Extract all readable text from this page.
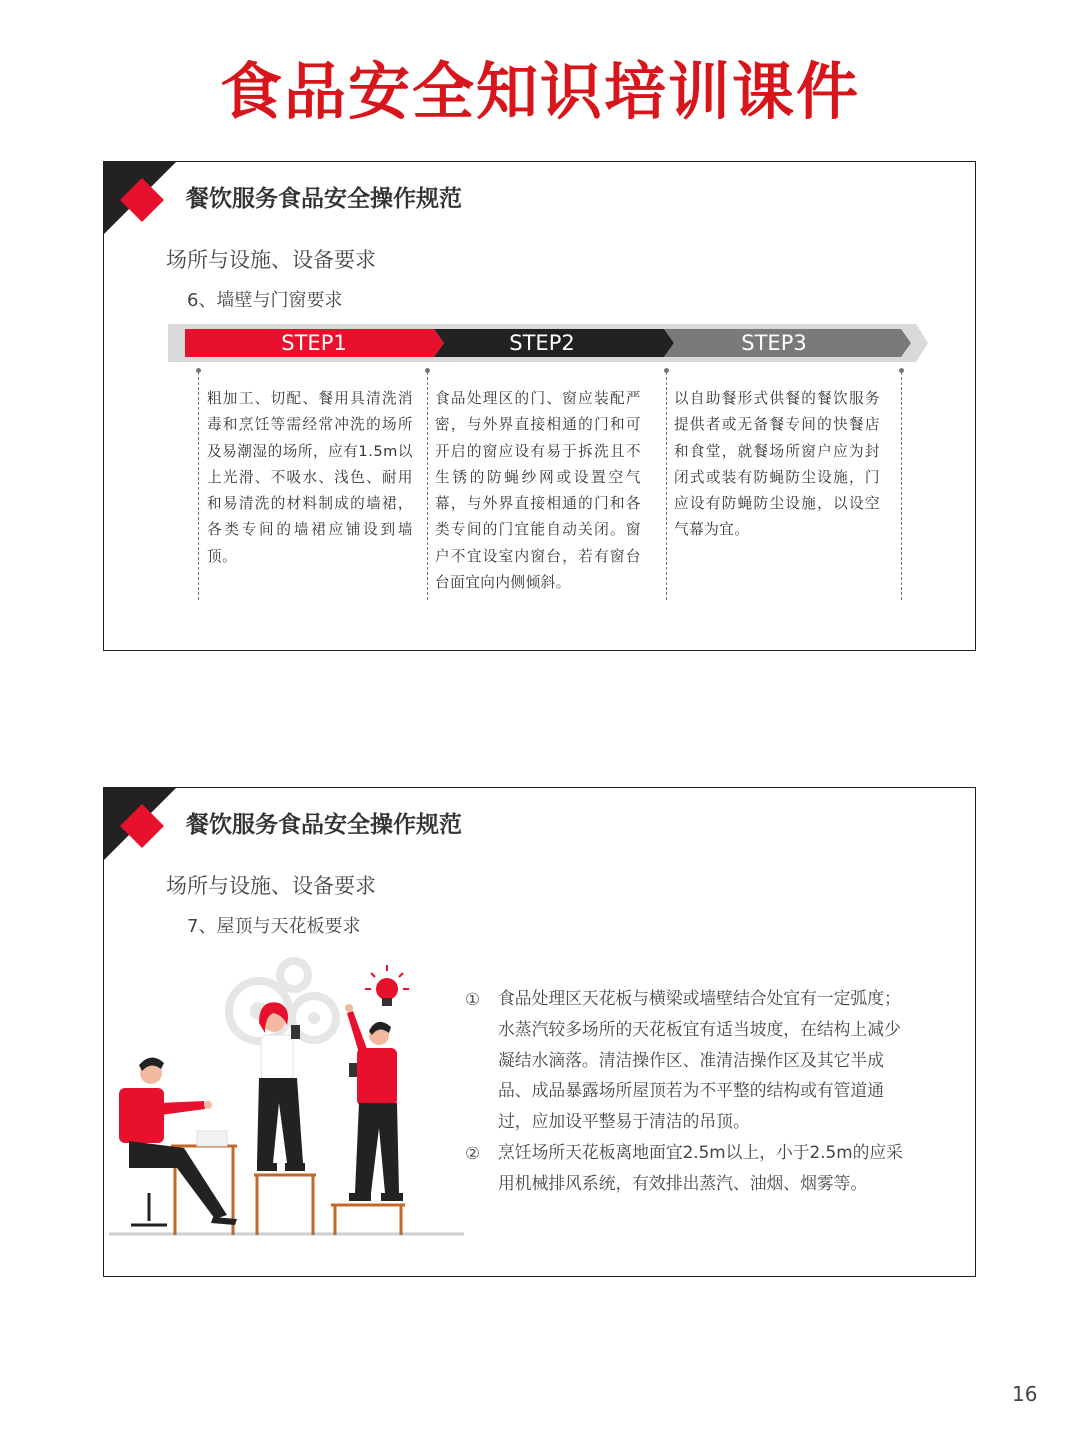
食品安全知识培训课件
餐饮服务食品安全操作规范
场所与设施、设备要求
6、墙壁与门窗要求
STEP1	STEP2	STEP3
粗加工、切配、餐用具清洗消毒和烹饪等需经常冲洗的场所及易潮湿的场所，应有1.5m以上光滑、不吸水、浅色、耐用和易清洗的材料制成的墙裙，各类专间的墙裙应铺设到墙顶。
食品处理区的门、窗应装配严密，与外界直接相通的门和可开启的窗应设有易于拆洗且不生锈的防蝇纱网或设置空气幕，与外界直接相通的门和各类专间的门宜能自动关闭。窗户不宜设室内窗台，若有窗台台面宜向内侧倾斜。
以自助餐形式供餐的餐饮服务提供者或无备餐专间的快餐店和食堂，就餐场所窗户应为封闭式或装有防蝇防尘设施，门应设有防蝇防尘设施，以设空气幕为宜。
餐饮服务食品安全操作规范
场所与设施、设备要求
7、屋顶与天花板要求
① 食品处理区天花板与横梁或墙壁结合处宜有一定弧度；水蒸汽较多场所的天花板宜有适当坡度，在结构上减少凝结水滴落。清洁操作区、准清洁操作区及其它半成品、成品暴露场所屋顶若为不平整的结构或有管道通过，应加设平整易于清洁的吊顶。
② 烹饪场所天花板离地面宜2.5m以上，小于2.5m的应采用机械排风系统，有效排出蒸汽、油烟、烟雾等。
16
